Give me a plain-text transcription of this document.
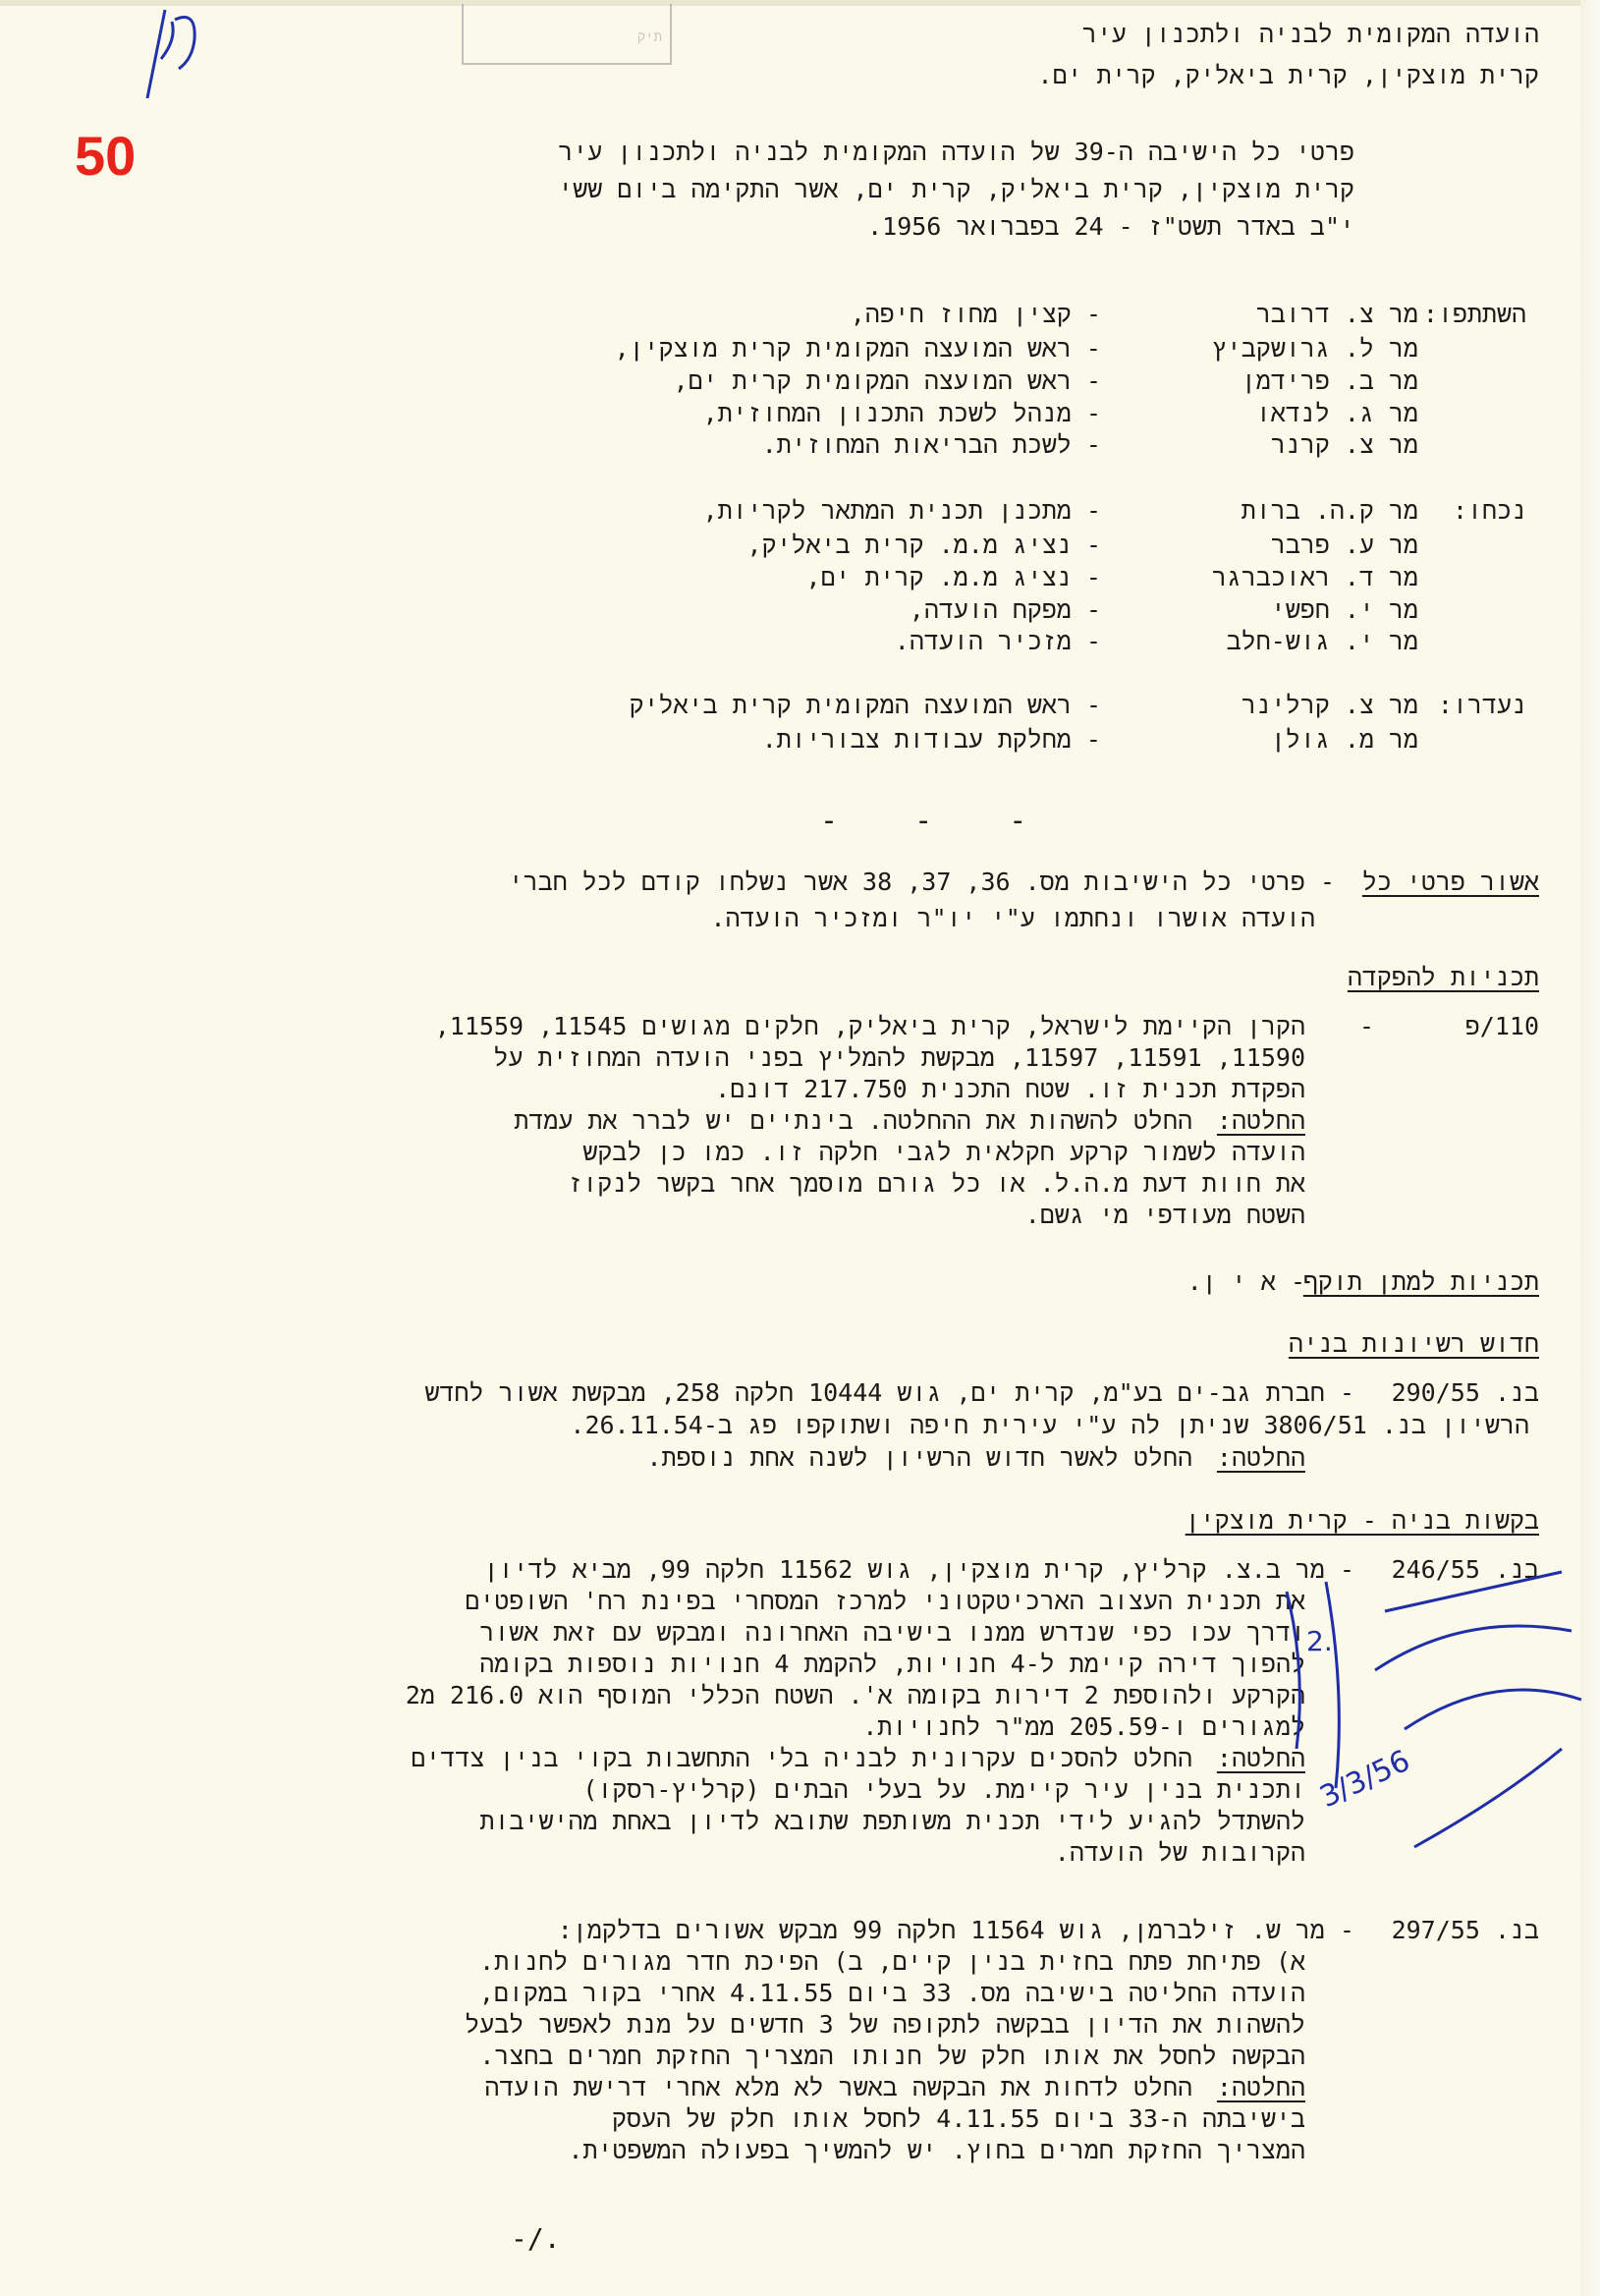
תיק
50
הועדה המקומית לבניה ולתכנון עיר
קרית מוצקין, קרית ביאליק, קרית ים.
פרטי כל הישיבה ה-39 של הועדה המקומית לבניה ולתכנון עיר
קרית מוצקין, קרית ביאליק, קרית ים, אשר התקימה ביום ששי
י"ב באדר תשט"ז - 24 בפברואר 1956.
השתתפו:
מר צ. דרובר
- קצין מחוז חיפה,
מר ל. גרושקביץ
- ראש המועצה המקומית קרית מוצקין,
מר ב. פרידמן
- ראש המועצה המקומית קרית ים,
מר ג. לנדאו
- מנהל לשכת התכנון המחוזית,
מר צ. קרנר
- לשכת הבריאות המחוזית.
נכחו:
מר ק.ה. ברות
- מתכנן תכנית המתאר לקריות,
מר ע. פרבר
- נציג מ.מ. קרית ביאליק,
מר ד. ראוכברגר
- נציג מ.מ. קרית ים,
מר י. חפשי
- מפקח הועדה,
מר י. גוש-חלב
- מזכיר הועדה.
נעדרו:
מר צ. קרלינר
- ראש המועצה המקומית קרית ביאליק
מר מ. גולן
- מחלקת עבודות צבוריות.
- - -
אשור פרטי כל
- פרטי כל הישיבות מס. 36, 37, 38 אשר נשלחו קודם לכל חברי
הועדה אושרו ונחתמו ע"י יו"ר ומזכיר הועדה.
תכניות להפקדה
110/פ
-
הקרן הקיימת לישראל, קרית ביאליק, חלקים מגושים 11545, 11559,
11590, 11591, 11597, מבקשת להמליץ בפני הועדה המחוזית על
הפקדת תכנית זו. שטח התכנית 217.750 דונם.
החלטה:
החלט להשהות את ההחלטה. בינתיים יש לברר את עמדת
הועדה לשמור קרקע חקלאית לגבי חלקה זו. כמו כן לבקש
את חוות דעת מ.ה.ל. או כל גורם מוסמך אחר בקשר לנקוז
השטח מעודפי מי גשם.
תכניות למתן תוקף
- א י ן.
חדוש רשיונות בניה
בנ. 290/55
- חברת גב-ים בע"מ, קרית ים, גוש 10444 חלקה 258, מבקשת אשור לחדש
הרשיון בנ. 3806/51 שניתן לה ע"י עירית חיפה ושתוקפו פג ב-26.11.54.
החלטה:
החלט לאשר חדוש הרשיון לשנה אחת נוספת.
בקשות בניה - קרית מוצקין
בנ. 246/55
- מר ב.צ. קרליץ, קרית מוצקין, גוש 11562 חלקה 99, מביא לדיון
את תכנית העצוב הארכיטקטוני למרכז המסחרי בפינת רח' השופטים
ודרך עכו כפי שנדרש ממנו בישיבה האחרונה ומבקש עם זאת אשור
להפוך דירה קיימת ל-4 חנויות, להקמת 4 חנויות נוספות בקומה
הקרקע ולהוספת 2 דירות בקומה א'. השטח הכללי המוסף הוא 216.0 מ2
למגורים ו-205.59 ממ"ר לחנויות.
החלטה:
החלט להסכים עקרונית לבניה בלי התחשבות בקוי בנין צדדים
ותכנית בנין עיר קיימת. על בעלי הבתים (קרליץ-רסקו)
להשתדל להגיע לידי תכנית משותפת שתובא לדיון באחת מהישיבות
הקרובות של הועדה.
בנ. 297/55
- מר ש. זילברמן, גוש 11564 חלקה 99 מבקש אשורים בדלקמן:
א) פתיחת פתח בחזית בנין קיים, ב) הפיכת חדר מגורים לחנות.
הועדה החליטה בישיבה מס. 33 ביום 4.11.55 אחרי בקור במקום,
להשהות את הדיון בבקשה לתקופה של 3 חדשים על מנת לאפשר לבעל
הבקשה לחסל את אותו חלק של חנותו המצריך החזקת חמרים בחצר.
החלטה:
החלט לדחות את הבקשה באשר לא מלא אחרי דרישת הועדה
בישיבתה ה-33 ביום 4.11.55 לחסל אותו חלק של העסק
המצריך החזקת חמרים בחוץ. יש להמשיך בפעולה המשפטית.
2.
3/3/56
-/.
